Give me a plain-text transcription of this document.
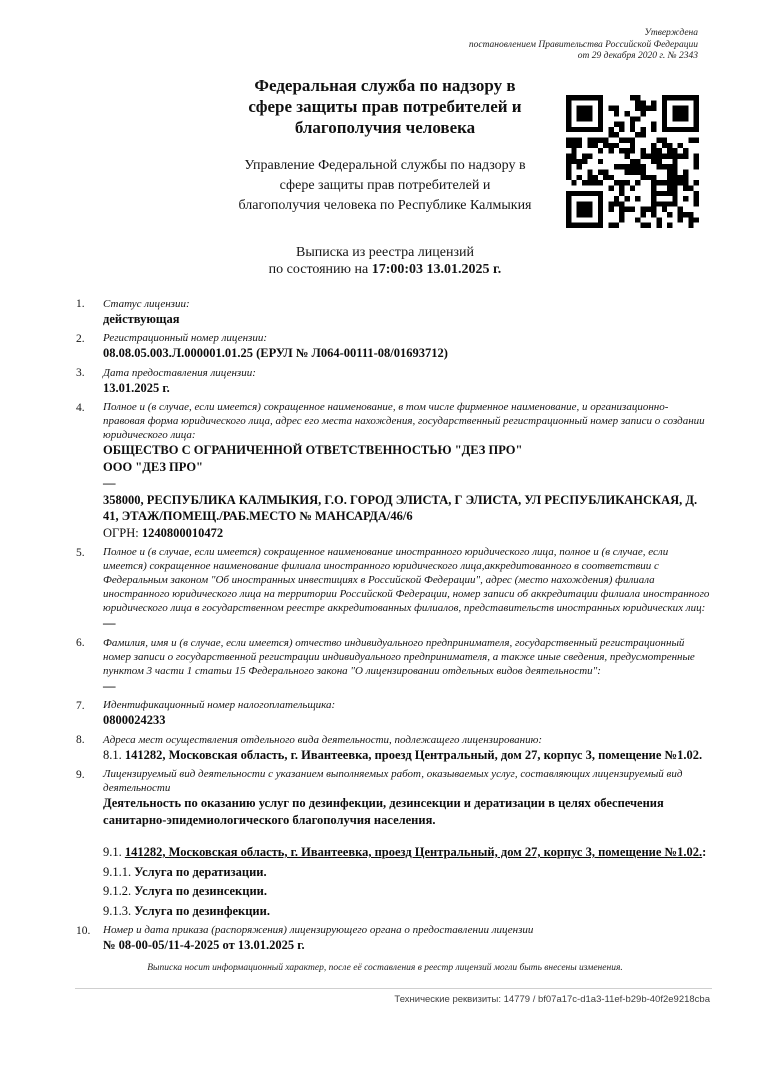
Утверждена
постановлением Правительства Российской Федерации
от 29 декабря 2020 г. № 2343
Федеральная служба по надзору в
сфере защиты прав потребителей и
благополучия человека
Управление Федеральной службы по надзору в
сфере защиты прав потребителей и
благополучия человека по Республике Калмыкия
Выписка из реестра лицензий
по состоянию на 17:00:03 13.01.2025 г.
1.	Статус лицензии:
действующая
2.	Регистрационный номер лицензии:
08.08.05.003.Л.000001.01.25 (ЕРУЛ № Л064-00111-08/01693712)
3.	Дата предоставления лицензии:
13.01.2025 г.
4.	Полное и (в случае, если имеется) сокращенное наименование, в том числе фирменное наименование, и организационно-правовая форма юридического лица, адрес его места нахождения, государственный регистрационный номер записи о создании юридического лица:
ОБЩЕСТВО С ОГРАНИЧЕННОЙ ОТВЕТСТВЕННОСТЬЮ "ДЕЗ ПРО"
ООО "ДЕЗ ПРО"
—
358000, РЕСПУБЛИКА КАЛМЫКИЯ, Г.О. ГОРОД ЭЛИСТА, Г ЭЛИСТА, УЛ РЕСПУБЛИКАНСКАЯ, Д. 41, ЭТАЖ/ПОМЕЩ./РАБ.МЕСТО № МАНСАРДА/46/6
ОГРН: 1240800010472
5.	Полное и (в случае, если имеется) сокращенное наименование иностранного юридического лица, полное и (в случае, если имеется) сокращенное наименование филиала иностранного юридического лица,аккредитованного в соответствии с Федеральным законом "Об иностранных инвестициях в Российской Федерации", адрес (место нахождения) филиала иностранного юридического лица на территории Российской Федерации, номер записи об аккредитации филиала иностранного юридического лица в государственном реестре аккредитованных филиалов, представительств иностранных юридических лиц:
—
6.	Фамилия, имя и (в случае, если имеется) отчество индивидуального предпринимателя, государственный регистрационный номер записи о государственной регистрации индивидуального предпринимателя, а также иные сведения, предусмотренные пунктом 3 части 1 статьи 15 Федерального закона "О лицензировании отдельных видов деятельности":
—
7.	Идентификационный номер налогоплательщика:
0800024233
8.	Адреса мест осуществления отдельного вида деятельности, подлежащего лицензированию:
8.1. 141282, Московская область, г. Ивантеевка, проезд Центральный, дом 27, корпус 3, помещение №1.02.
9.	Лицензируемый вид деятельности с указанием выполняемых работ, оказываемых услуг, составляющих лицензируемый вид деятельности
Деятельность по оказанию услуг по дезинфекции, дезинсекции и дератизации в целях обеспечения санитарно-эпидемиологического благополучия населения.
9.1. 141282, Московская область, г. Ивантеевка, проезд Центральный, дом 27, корпус 3, помещение №1.02.:
9.1.1. Услуга по дератизации.
9.1.2. Услуга по дезинсекции.
9.1.3. Услуга по дезинфекции.
10.	Номер и дата приказа (распоряжения) лицензирующего органа о предоставлении лицензии
№ 08-00-05/11-4-2025 от 13.01.2025 г.
Выписка носит информационный характер, после её составления в реестр лицензий могли быть внесены изменения.
Технические реквизиты: 14779 / bf07a17c-d1a3-11ef-b29b-40f2e9218cba
